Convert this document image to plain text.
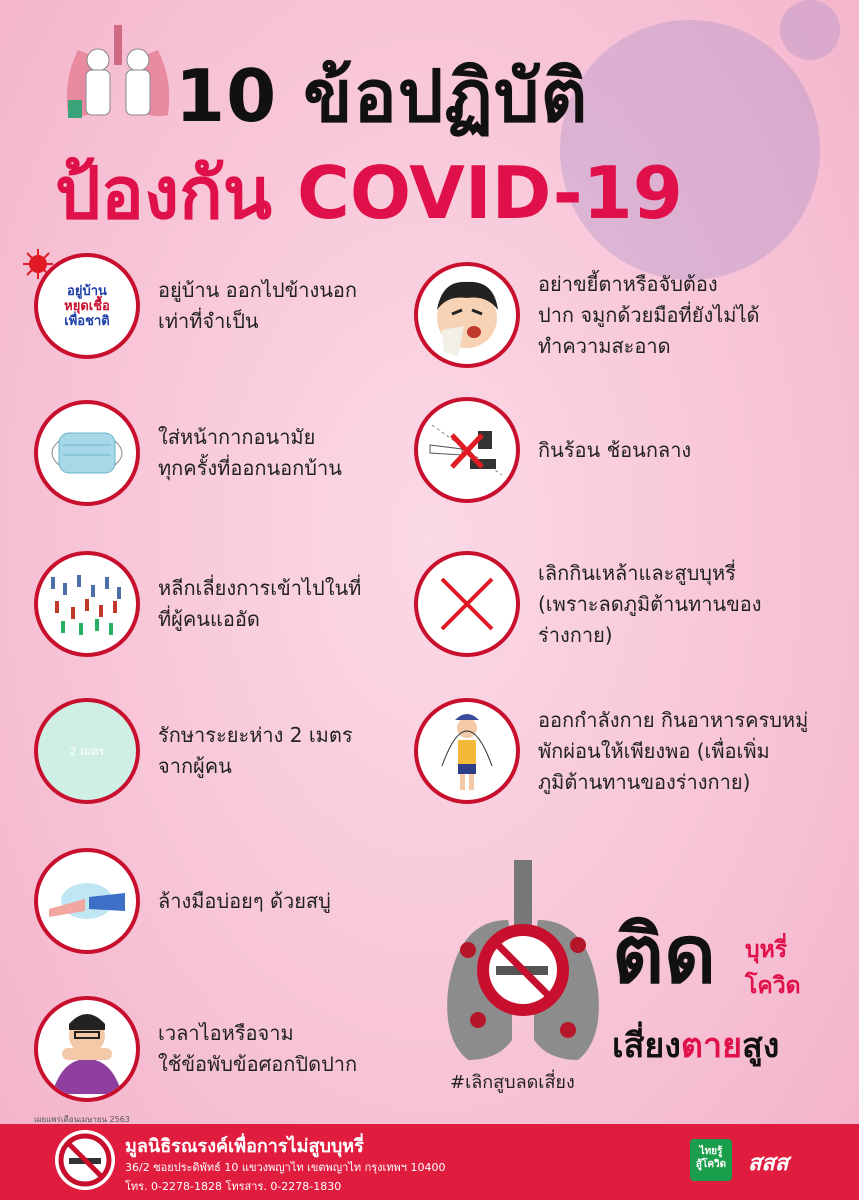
10 ข้อปฏิบัติ
ป้องกัน COVID-19
อยู่บ้าน
หยุดเชื้อ
เพื่อชาติ
อยู่บ้าน ออกไปข้างนอก
เท่าที่จำเป็น
ใส่หน้ากากอนามัย
ทุกครั้งที่ออกนอกบ้าน
หลีกเลี่ยงการเข้าไปในที่
ที่ผู้คนแออัด
2 เมตร
รักษาระยะห่าง 2 เมตร
จากผู้คน
ล้างมือบ่อยๆ ด้วยสบู่
เวลาไอหรือจาม
ใช้ข้อพับข้อศอกปิดปาก
อย่าขยี้ตาหรือจับต้อง
ปาก จมูกด้วยมือที่ยังไม่ได้
ทำความสะอาด
กินร้อน ช้อนกลาง
เลิกกินเหล้าและสูบบุหรี่
(เพราะลดภูมิต้านทานของ
ร่างกาย)
ออกกำลังกาย กินอาหารครบหมู่
พักผ่อนให้เพียงพอ (เพื่อเพิ่ม
ภูมิต้านทานของร่างกาย)
ติด บุหรี่
โควิด
เสี่ยงตายสูง
#เลิกสูบลดเสี่ยง
เผยแพร่เดือนเมษายน 2563
มูลนิธิรณรงค์เพื่อการไม่สูบบุหรี่
36/2 ซอยประดิพัทธ์ 10 แขวงพญาไท เขตพญาไท กรุงเทพฯ 10400
โทร. 0-2278-1828 โทรสาร. 0-2278-1830
ไทยรู้
สู้โควิด สสส
